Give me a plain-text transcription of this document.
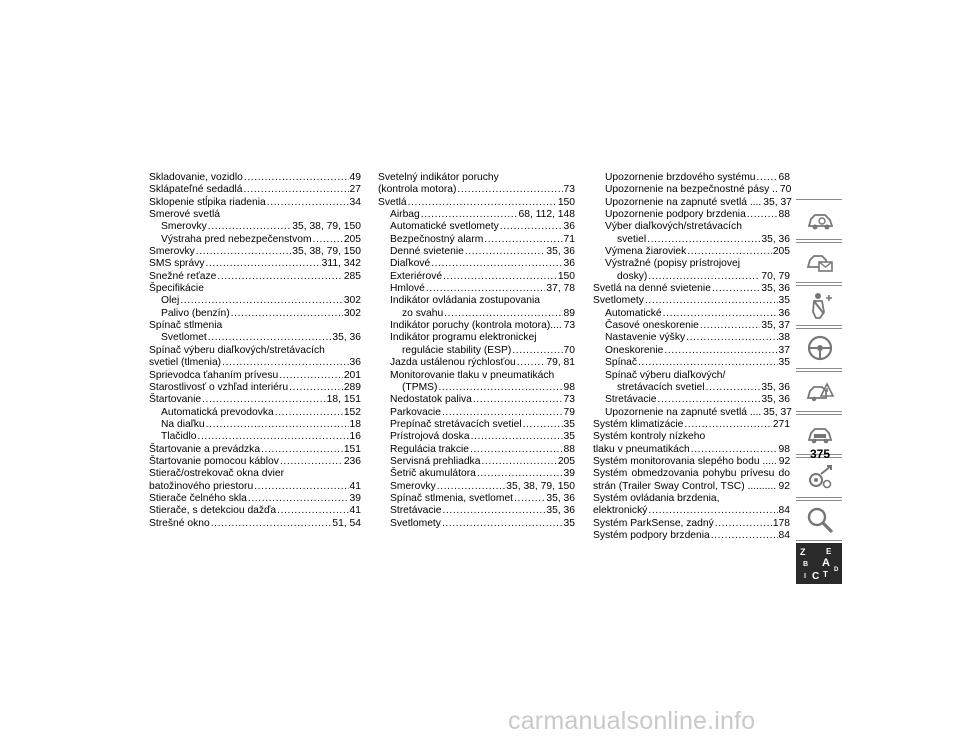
Skladovanie, vozidlo .....	49
Sklápateľné sedadlá .....	27
Sklopenie stĺpika riadenia .....	34
Smerové svetlá
Smerovky .....	35, 38, 79, 150
Výstraha pred nebezpečenstvom .....	205
Smerovky .....	35, 38, 79, 150
SMS správy .....	311, 342
Snežné reťaze .....	285
Špecifikácie
Olej .....	302
Palivo (benzín) .....	302
Spínač stlmenia
Svetlomet .....	35, 36
Spínač výberu diaľkových/stretávacích
svetiel (tlmenia) .....	36
Sprievodca ťahaním prívesu .....	201
Starostlivosť o vzhľad interiéru .....	289
Štartovanie .....	18, 151
Automatická prevodovka .....	152
Na diaľku .....	18
Tlačidlo .....	16
Štartovanie a prevádzka .....	151
Štartovanie pomocou káblov .....	236
Stierač/ostrekovač okna dvier
batožinového priestoru .....	41
Stierače čelného skla .....	39
Stierače, s detekciou dažďa .....	41
Strešné okno .....	51, 54
Svetelný indikátor poruchy
(kontrola motora) .....	73
Svetlá .....	150
Airbag .....	68, 112, 148
Automatické svetlomety .....	36
Bezpečnostný alarm .....	71
Denné svietenie .....	35, 36
Diaľkové .....	36
Exteriérové .....	150
Hmlové .....	37, 78
Indikátor ovládania zostupovania
zo svahu .....	89
Indikátor poruchy (kontrola motora).... 73
Indikátor programu elektronickej
regulácie stability (ESP) .....	70
Jazda ustálenou rýchlosťou .....	79, 81
Monitorovanie tlaku v pneumatikách
(TPMS) .....	98
Nedostatok paliva .....	73
Parkovacie .....	79
Prepínač stretávacích svetiel .....	35
Prístrojová doska .....	35
Regulácia trakcie .....	88
Servisná prehliadka .....	205
Šetrič akumulátora .....	39
Smerovky .....	35, 38, 79, 150
Spínač stlmenia, svetlomet .....	35, 36
Stretávacie .....	35, 36
Svetlomety .....	35
Upozornenie brzdového systému ..... 68
Upozornenie na bezpečnostné pásy .. 70
Upozornenie na zapnuté svetlá .... 35, 37
Upozornenie podpory brzdenia .....	88
Výber diaľkových/stretávacích
svetiel .....	35, 36
Výmena žiaroviek .....	205
Výstražné (popisy prístrojovej
dosky) .....	70, 79
Svetlá na denné svietenie .....	35, 36
Svetlomety .....	35
Automatické .....	36
Časové oneskorenie .....	35, 37
Nastavenie výšky .....	38
Oneskorenie .....	37
Spínač .....	35
Spínač výberu diaľkových/
stretávacích svetiel .....	35, 36
Stretávacie .....	35, 36
Upozornenie na zapnuté svetlá .... 35, 37
Systém klimatizácie .....	271
Systém kontroly nízkeho
tlaku v pneumatikách .....	98
Systém monitorovania slepého bodu ..... 92
Systém obmedzovania pohybu prívesu do
strán (Trailer Sway Control, TSC) .......... 92
Systém ovládania brzdenia,
elektronický .....	84
Systém ParkSense, zadný .....	178
Systém podpory brzdenia .....	84
Z	E
B A
D
I C T
375
carmanualsonline.info
